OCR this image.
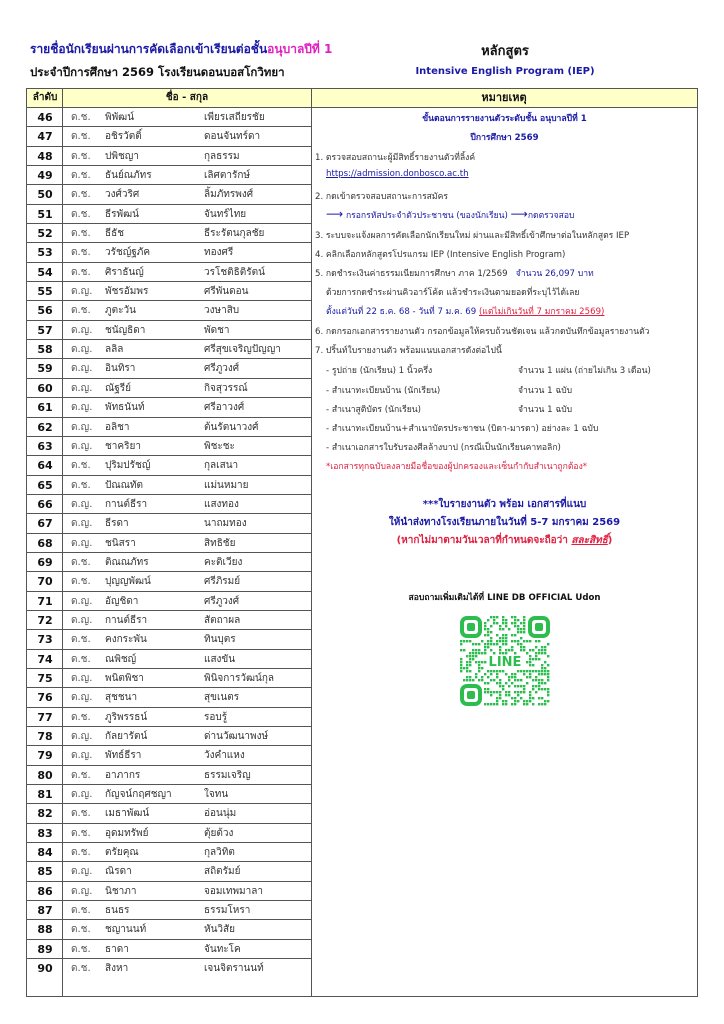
รายชื่อนักเรียนผ่านการคัดเลือกเข้าเรียนต่อชั้นอนุบาลปีที่ 1
ประจำปีการศึกษา 2569 โรงเรียนดอนบอสโกวิทยา
หลักสูตร
Intensive English Program (IEP)
ลำดับ	ชื่อ - สกุล	หมายเหตุ
46	ด.ช. พิพัฒน์	เพียรเสถียรชัย
47	ด.ช. อชิรวัตติ์	ดอนจันทร์ดา
48	ด.ช. ปพิชญา	กุลธรรม
49	ด.ช. ธันย์ณภัทร	เลิศตารักษ์
50	ด.ช. วงศ์วริศ	ลิ้มภัทรพงศ์
51	ด.ช. ธีรพัฒน์	จันทร์ไทย
52	ด.ช. ธีธัช	ธีระรัตนกุลชัย
53	ด.ช. วรัชญ์ฐภัค	ทองศรี
54	ด.ช. ศิราธันญ์	วรโชติธิติรัตน์
55	ด.ญ. พัชรอัมพร	ศรีพันดอน
56	ด.ช. ภูตะวัน	วงษาสิบ
57	ด.ญ. ชนัญธิดา	พัดชา
58	ด.ญ. ลลิล	ศรีสุขเจริญปัญญา
59	ด.ญ. อินทิรา	ศรีภูวงศ์
60	ด.ญ. ณัฐรีย์	กิจสุวรรณ์
61	ด.ญ. พัทธนันท์	ศรีอาวงศ์
62	ด.ญ. อลิชา	ต้นรัตนาวงศ์
63	ด.ญ. ชาคริยา	พิชะชะ
64	ด.ช. ปุริมปรัชญ์	กุลเสนา
65	ด.ช. ปัณณทัต	แม่นหมาย
66	ด.ญ. กานต์ธีรา	แสงทอง
67	ด.ญ. ธีรดา	นาถมทอง
68	ด.ญ. ชนิสรา	สิทธิชัย
69	ด.ช. ติณณภัทร	คะติเวียง
70	ด.ช. ปุญญพัฒน์	ศรีภิรมย์
71	ด.ญ. อัญชิดา	ศรีภูวงศ์
72	ด.ญ. กานต์ธีรา	สัตถาผล
73	ด.ช. คงกระพัน	ทินบุตร
74	ด.ช. ณพิชญ์	แสงขัน
75	ด.ญ. พนิตพิชา	พินิจการวัฒน์กุล
76	ด.ญ. สุชชนา	สุขเนตร
77	ด.ช. ภูริพรรธน์	รอบรู้
78	ด.ญ. กัลยารัตน์	ด่านวัฒนาพงษ์
79	ด.ญ. พัทธ์ธีรา	วังคำแหง
80	ด.ช. อาภากร	ธรรมเจริญ
81	ด.ญ. กัญจน์กฤศชญา	ใจทน
82	ด.ช. เมธาพัฒน์	อ่อนนุ่ม
83	ด.ช. อุดมทรัพย์	ตุ้ยต้วง
84	ด.ช. ตรัยคุณ	กุลวิทิต
85	ด.ญ. ณิรดา	สถิตรัมย์
86	ด.ญ. นิชาภา	จอมเทพมาลา
87	ด.ช. ธนธร	ธรรมโหรา
88	ด.ช. ชญานนท์	หันวิสัย
89	ด.ช. ธาดา	จันทะโค
90	ด.ช. สิงหา	เจนจิตรานนท์
ขั้นตอนการรายงานตัวระดับชั้น อนุบาลปีที่ 1
ปีการศึกษา 2569
1. ตรวจสอบสถานะผู้มีสิทธิ์รายงานตัวที่ลิ้งค์
https://admission.donbosco.ac.th
2. กดเข้าตรวจสอบสถานะการสมัคร
⟶ กรอกรหัสประจำตัวประชาชน (ของนักเรียน) ⟶กดตรวจสอบ
3. ระบบจะแจ้งผลการคัดเลือกนักเรียนใหม่ ผ่านและมีสิทธิ์เข้าศึกษาต่อในหลักสูตร IEP
4. คลิกเลือกหลักสูตรโปรแกรม IEP (Intensive English Program)
5. กดชำระเงินค่าธรรมเนียมการศึกษา ภาค 1/2569 จำนวน 26,097 บาท
ด้วยการกดชำระผ่านคิวอาร์โค้ด แล้วชำระเงินตามยอดที่ระบุไว้ได้เลย
ตั้งแต่วันที่ 22 ธ.ค. 68 - วันที่ 7 ม.ค. 69 (แต่ไม่เกินวันที่ 7 มกราคม 2569)
6. กดกรอกเอกสารรายงานตัว กรอกข้อมูลให้ครบถ้วนชัดเจน แล้วกดบันทึกข้อมูลรายงานตัว
7. ปริ้นท์ใบรายงานตัว พร้อมแนบเอกสารดังต่อไปนี้
- รูปถ่าย (นักเรียน) 1 นิ้วครึ่ง	จำนวน 1 แผ่น (ถ่ายไม่เกิน 3 เดือน)
- สำเนาทะเบียนบ้าน (นักเรียน)	จำนวน 1 ฉบับ
- สำเนาสูติบัตร (นักเรียน)	จำนวน 1 ฉบับ
- สำเนาทะเบียนบ้าน+สำเนาบัตรประชาชน (บิดา-มารดา) อย่างละ 1 ฉบับ
- สำเนาเอกสารใบรับรองศีลล้างบาป (กรณีเป็นนักเรียนคาทอลิก)
*เอกสารทุกฉบับลงลายมือชื่อของผู้ปกครองและเซ็นกำกับสำเนาถูกต้อง*
***ใบรายงานตัว พร้อม เอกสารที่แนบ
ให้นำส่งทางโรงเรียนภายในวันที่ 5-7 มกราคม 2569
(หากไม่มาตามวันเวลาที่กำหนดจะถือว่า สละสิทธิ์)
สอบถามเพิ่มเติมได้ที่ LINE DB OFFICIAL Udon
LINE
